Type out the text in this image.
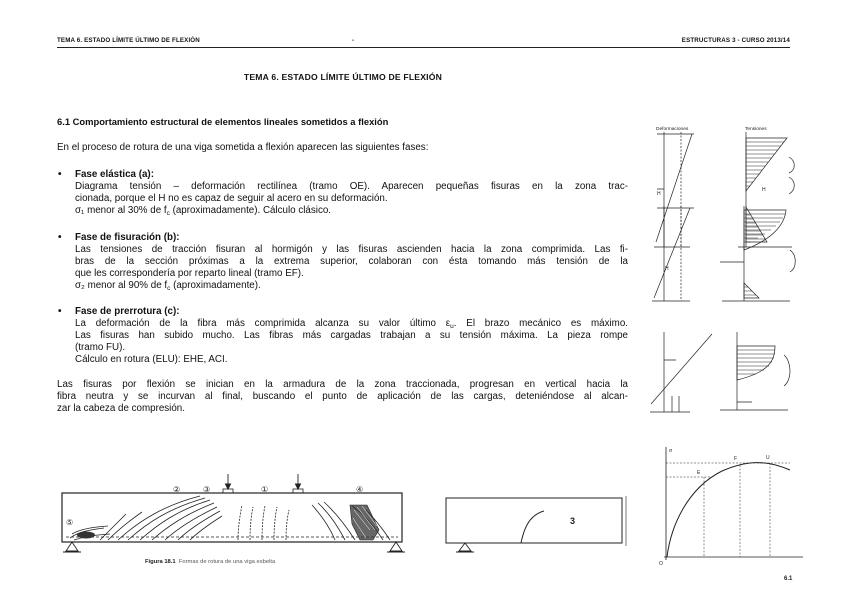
TEMA 6. ESTADO LÍMITE ÚLTIMO DE FLEXIÓN	-	ESTRUCTURAS 3 - CURSO 2013/14
TEMA 6. ESTADO LÍMITE ÚLTIMO DE FLEXIÓN
6.1 Comportamiento estructural de elementos lineales sometidos a flexión
En el proceso de rotura de una viga sometida a flexión aparecen las siguientes fases:
• Fase elástica (a):
Diagrama tensión – deformación rectilínea (tramo OE). Aparecen pequeñas fisuras en la zona trac-
cionada, porque el H no es capaz de seguir al acero en su deformación.
σ₁ menor al 30% de $f_c$ (aproximadamente). Cálculo clásico.
• Fase de fisuración (b):
Las tensiones de tracción fisuran al hormigón y las fisuras ascienden hacia la zona comprimida. Las fi-
bras de la sección próximas a la extrema superior, colaboran con ésta tomando más tensión de la
que les correspondería por reparto lineal (tramo EF).
σ₂ menor al 90% de $f_c$ (aproximadamente).
• Fase de prerrotura (c):
La deformación de la fibra más comprimida alcanza su valor último $\varepsilon_u$. El brazo mecánico es máximo.
Las fisuras han subido mucho. Las fibras más cargadas trabajan a su tensión máxima. La pieza rompe
(tramo FU).
Cálculo en rotura (ELU): EHE, ACI.
Las fisuras por flexión se inician en la armadura de la zona traccionada, progresan en vertical hacia la
fibra neutra y se incurvan al final, buscando el punto de aplicación de las cargas, deteniéndose al alcan-
zar la cabeza de compresión.
Figura 18.1 Formas de rotura de una viga esbelta
②	③	①	④
⑤	3
Deformaciones	Tensiones
H
H
H
σ
O
E
F	U
6.1
